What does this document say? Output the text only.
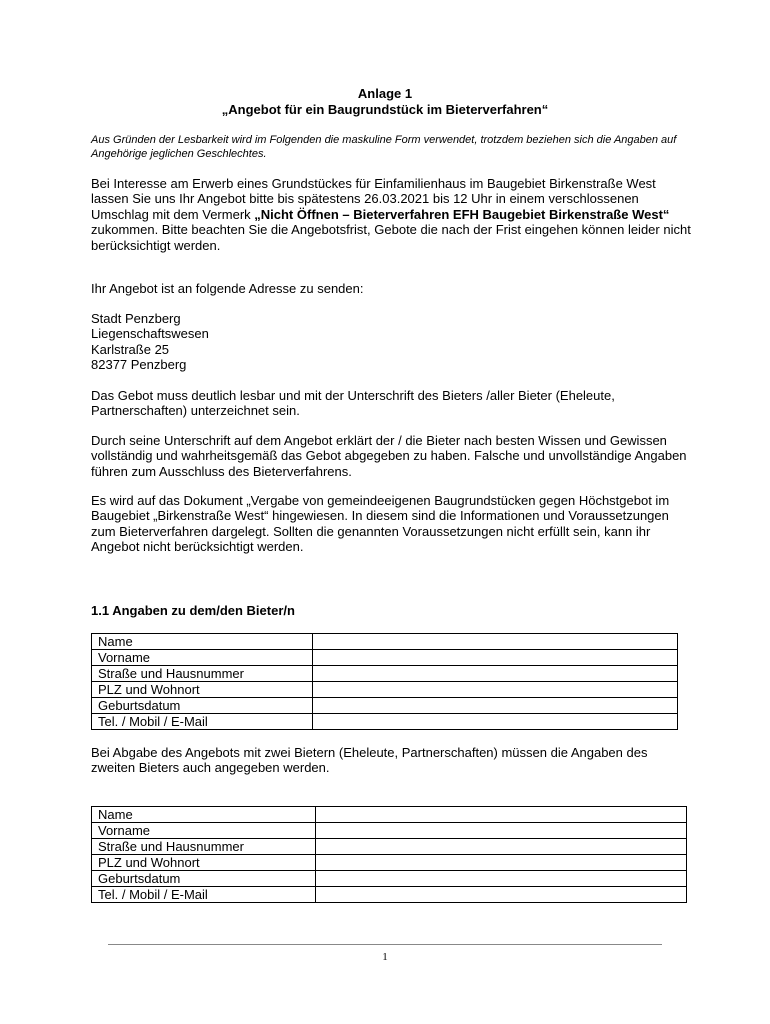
Anlage 1
„Angebot für ein Baugrundstück im Bieterverfahren“
Aus Gründen der Lesbarkeit wird im Folgenden die maskuline Form verwendet, trotzdem beziehen sich die Angaben auf Angehörige jeglichen Geschlechtes.
Bei Interesse am Erwerb eines Grundstückes für Einfamilienhaus im Baugebiet Birkenstraße West lassen Sie uns Ihr Angebot bitte bis spätestens 26.03.2021 bis 12 Uhr in einem verschlossenen Umschlag mit dem Vermerk „Nicht Öffnen – Bieterverfahren EFH Baugebiet Birkenstraße West“ zukommen. Bitte beachten Sie die Angebotsfrist, Gebote die nach der Frist eingehen können leider nicht berücksichtigt werden.
Ihr Angebot ist an folgende Adresse zu senden:
Stadt Penzberg
Liegenschaftswesen
Karlstraße 25
82377 Penzberg
Das Gebot muss deutlich lesbar und mit der Unterschrift des Bieters /aller Bieter (Eheleute, Partnerschaften) unterzeichnet sein.
Durch seine Unterschrift auf dem Angebot erklärt der / die Bieter nach besten Wissen und Gewissen vollständig und wahrheitsgemäß das Gebot abgegeben zu haben. Falsche und unvollständige Angaben führen zum Ausschluss des Bieterverfahrens.
Es wird auf das Dokument „Vergabe von gemeindeeigenen Baugrundstücken gegen Höchstgebot im Baugebiet „Birkenstraße West“ hingewiesen. In diesem sind die Informationen und Voraussetzungen zum Bieterverfahren dargelegt. Sollten die genannten Voraussetzungen nicht erfüllt sein, kann ihr Angebot nicht berücksichtigt werden.
1.1 Angaben zu dem/den Bieter/n
Name	
Vorname	
Straße und Hausnummer	
PLZ und Wohnort	
Geburtsdatum	
Tel. / Mobil / E-Mail	
Bei Abgabe des Angebots mit zwei Bietern (Eheleute, Partnerschaften) müssen die Angaben des zweiten Bieters auch angegeben werden.
Name	
Vorname	
Straße und Hausnummer	
PLZ und Wohnort	
Geburtsdatum	
Tel. / Mobil / E-Mail	
1
